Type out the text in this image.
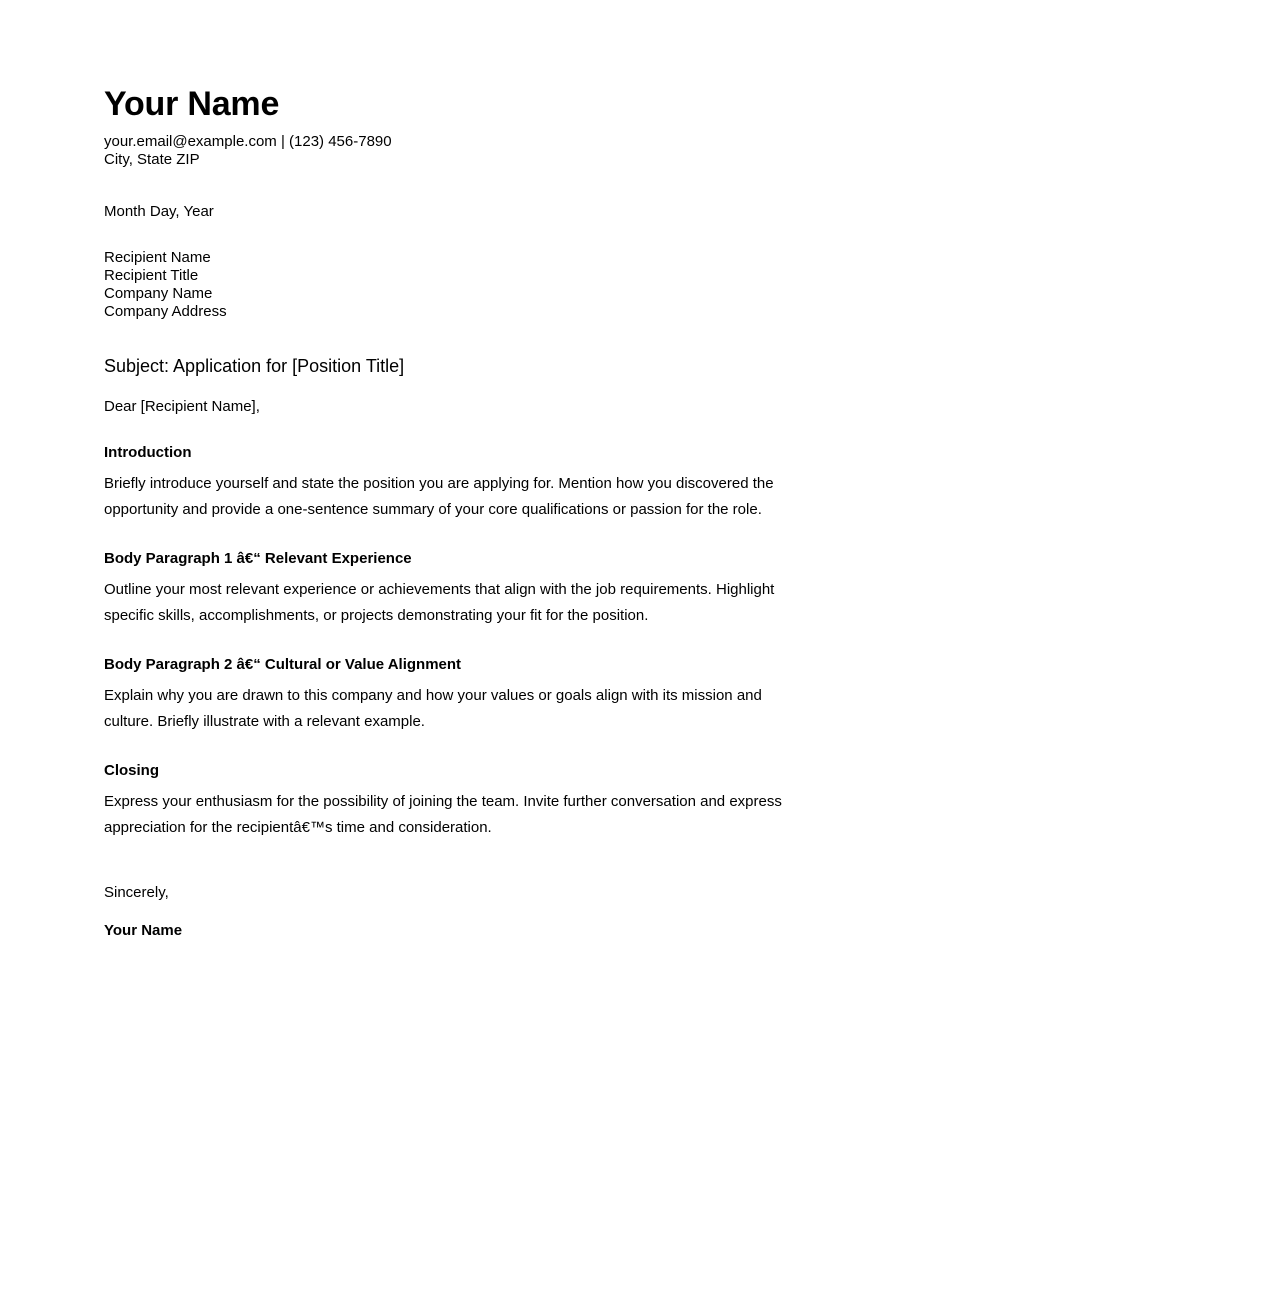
Your Name
your.email@example.com | (123) 456-7890
City, State ZIP
Month Day, Year
Recipient Name
Recipient Title
Company Name
Company Address
Subject: Application for [Position Title]
Dear [Recipient Name],
Introduction

Briefly introduce yourself and state the position you are applying for. Mention how you discovered the opportunity and provide a one-sentence summary of your core qualifications or passion for the role.

Body Paragraph 1 â€“ Relevant Experience

Outline your most relevant experience or achievements that align with the job requirements. Highlight specific skills, accomplishments, or projects demonstrating your fit for the position.

Body Paragraph 2 â€“ Cultural or Value Alignment

Explain why you are drawn to this company and how your values or goals align with its mission and culture. Briefly illustrate with a relevant example.

Closing

Express your enthusiasm for the possibility of joining the team. Invite further conversation and express appreciation for the recipientâ€™s time and consideration.

Sincerely,
Your Name
